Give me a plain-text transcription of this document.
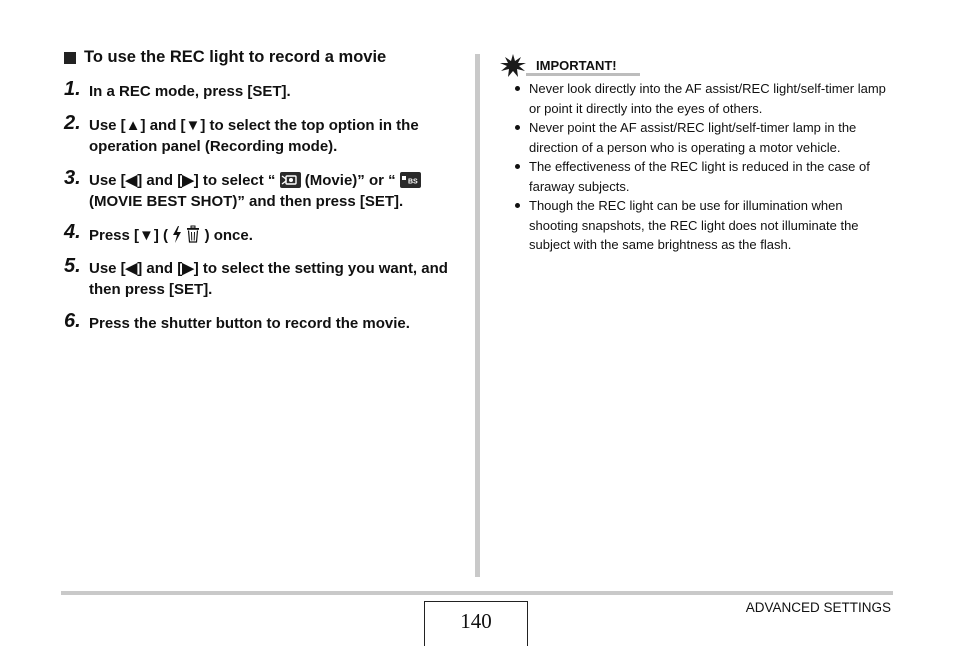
To use the REC light to record a movie
1. In a REC mode, press [SET].
2. Use [▲] and [▼] to select the top option in the operation panel (Recording mode).
3. Use [◀] and [▶] to select “
(Movie)” or “ BS
(MOVIE BEST SHOT)” and then press [SET].
4. Press [▼] ( ) once.
5. Use [◀] and [▶] to select the setting you want, and then press [SET].
6. Press the shutter button to record the movie.
IMPORTANT!
Never look directly into the AF assist/REC light/self-timer lamp or point it directly into the eyes of others.
Never point the AF assist/REC light/self-timer lamp in the direction of a person who is operating a motor vehicle.
The effectiveness of the REC light is reduced in the case of faraway subjects.
Though the REC light can be use for illumination when shooting snapshots, the REC light does not illuminate the subject with the same brightness as the flash.
140
ADVANCED SETTINGS
